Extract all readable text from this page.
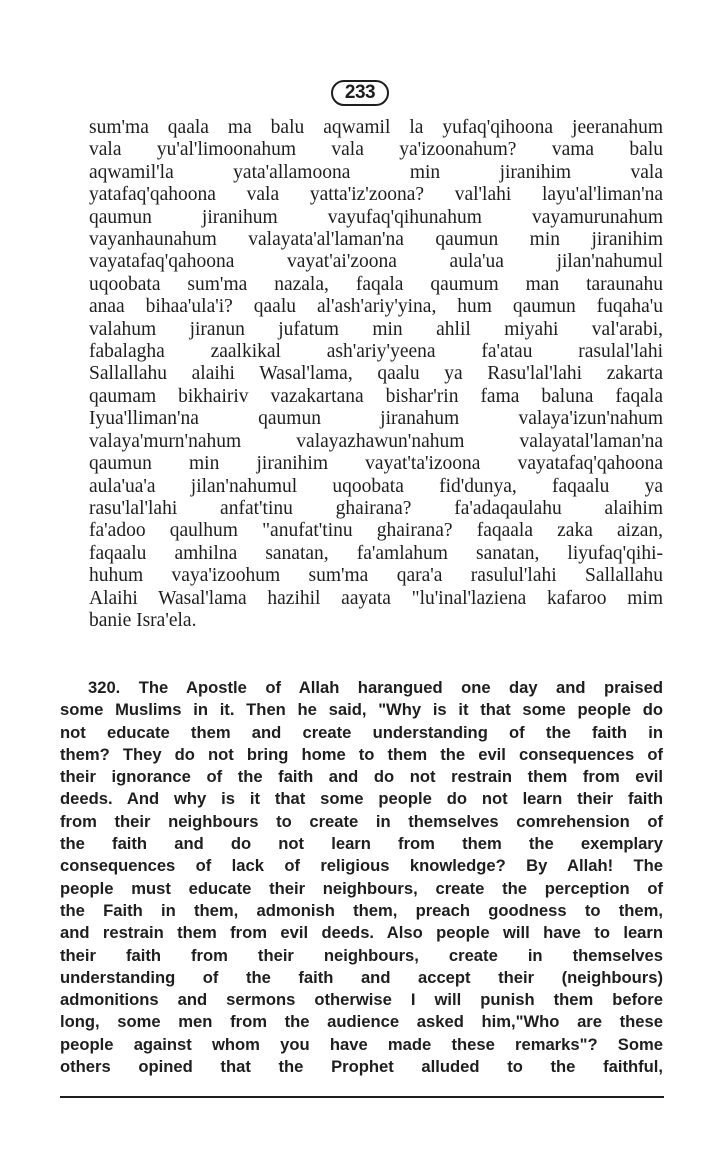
233
sum'ma qaala ma balu aqwamil la yufaq'qihoona jeeranahum
vala yu'al'limoonahum vala ya'izoonahum? vama balu
aqwamil'la yata'allamoona min jiranihim vala
yatafaq'qahoona vala yatta'iz'zoona? val'lahi layu'al'liman'na
qaumun jiranihum vayufaq'qihunahum vayamurunahum
vayanhaunahum valayata'al'laman'na qaumun min jiranihim
vayatafaq'qahoona vayat'ai'zoona aula'ua jilan'nahumul
uqoobata sum'ma nazala, faqala qaumum man taraunahu
anaa bihaa'ula'i? qaalu al'ash'ariy'yina, hum qaumun fuqaha'u
valahum jiranun jufatum min ahlil miyahi val'arabi,
fabalagha zaalkikal ash'ariy'yeena fa'atau rasulal'lahi
Sallallahu alaihi Wasal'lama, qaalu ya Rasu'lal'lahi zakarta
qaumam bikhairiv vazakartana bishar'rin fama baluna faqala
Iyua'lliman'na qaumun jiranahum valaya'izun'nahum
valaya'murn'nahum valayazhawun'nahum valayatal'laman'na
qaumun min jiranihim vayat'ta'izoona vayatafaq'qahoona
aula'ua'a jilan'nahumul uqoobata fid'dunya, faqaalu ya
rasu'lal'lahi anfat'tinu ghairana? fa'adaqaulahu alaihim
fa'adoo qaulhum "anufat'tinu ghairana? faqaala zaka aizan,
faqaalu amhilna sanatan, fa'amlahum sanatan, liyufaq'qihi-
huhum vaya'izoohum sum'ma qara'a rasulul'lahi Sallallahu
Alaihi Wasal'lama hazihil aayata "lu'inal'laziena kafaroo mim
banie Isra'ela.
320. The Apostle of Allah harangued one day and praised
some Muslims in it. Then he said, "Why is it that some people do
not educate them and create understanding of the faith in
them? They do not bring home to them the evil consequences of
their ignorance of the faith and do not restrain them from evil
deeds. And why is it that some people do not learn their faith
from their neighbours to create in themselves comrehension of
the faith and do not learn from them the exemplary
consequences of lack of religious knowledge? By Allah! The
people must educate their neighbours, create the perception of
the Faith in them, admonish them, preach goodness to them,
and restrain them from evil deeds. Also people will have to learn
their faith from their neighbours, create in themselves
understanding of the faith and accept their (neighbours)
admonitions and sermons otherwise I will punish them before
long, some men from the audience asked him,"Who are these
people against whom you have made these remarks"? Some
others opined that the Prophet alluded to the faithful,
